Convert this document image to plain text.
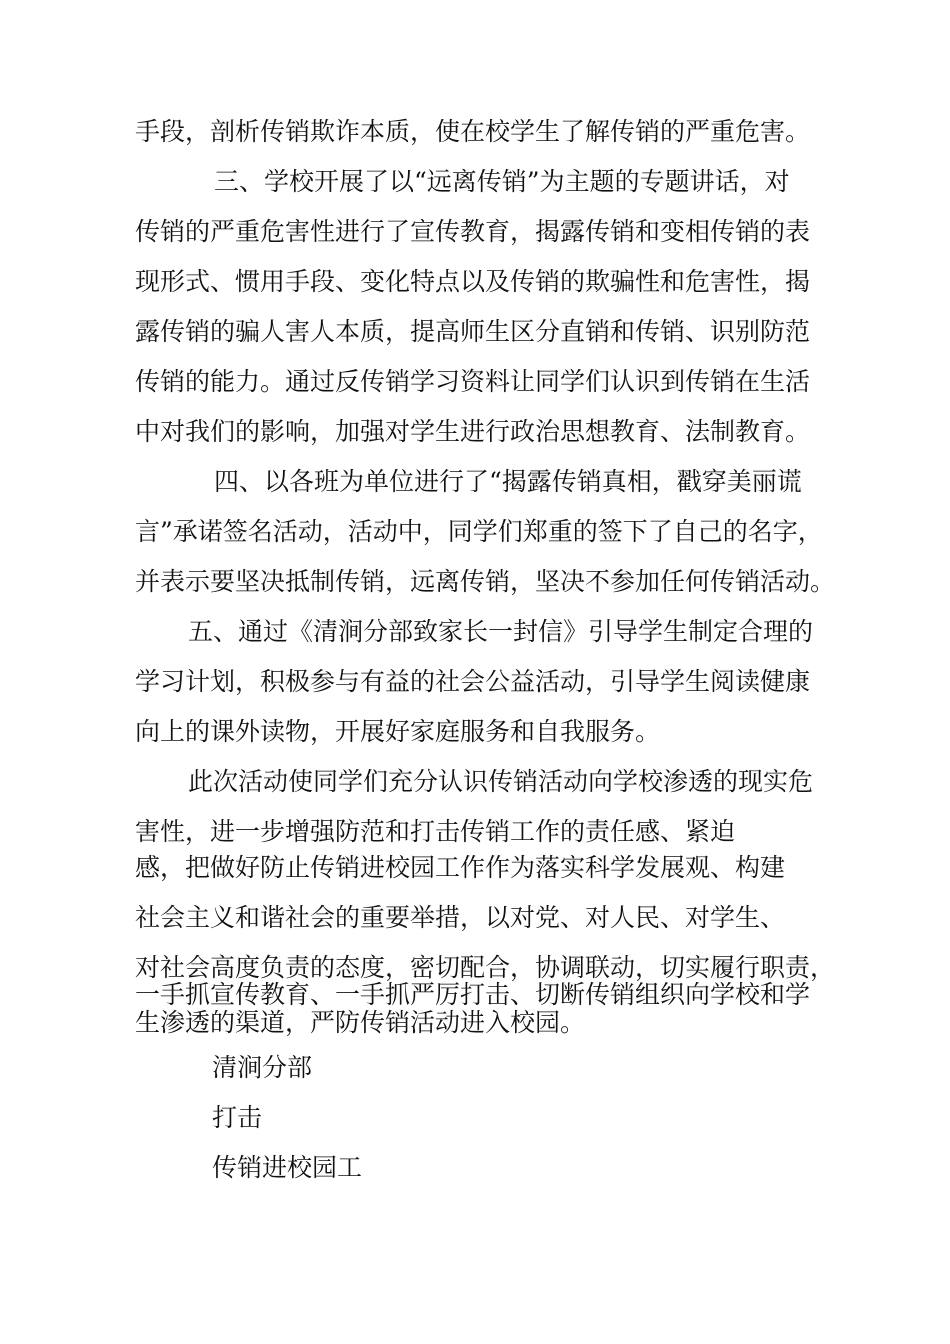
手段，剖析传销欺诈本质，使在校学生了解传销的严重危害。

三、学校开展了以“远离传销”为主题的专题讲话，对

传销的严重危害性进行了宣传教育，揭露传销和变相传销的表

现形式、惯用手段、变化特点以及传销的欺骗性和危害性，揭

露传销的骗人害人本质，提高师生区分直销和传销、识别防范

传销的能力。通过反传销学习资料让同学们认识到传销在生活

中对我们的影响，加强对学生进行政治思想教育、法制教育。

四、以各班为单位进行了“揭露传销真相，戳穿美丽谎

言”承诺签名活动，活动中，同学们郑重的签下了自己的名字，

并表示要坚决抵制传销，远离传销，坚决不参加任何传销活动。

五、通过《清涧分部致家长一封信》引导学生制定合理的

学习计划，积极参与有益的社会公益活动，引导学生阅读健康

向上的课外读物，开展好家庭服务和自我服务。

此次活动使同学们充分认识传销活动向学校渗透的现实危

害性，进一步增强防范和打击传销工作的责任感、紧迫

感，把做好防止传销进校园工作作为落实科学发展观、构建

社会主义和谐社会的重要举措，以对党、对人民、对学生、

对社会高度负责的态度，密切配合，协调联动，切实履行职责，

一手抓宣传教育、一手抓严厉打击、切断传销组织向学校和学

生渗透的渠道，严防传销活动进入校园。

清涧分部

打击

传销进校园工
